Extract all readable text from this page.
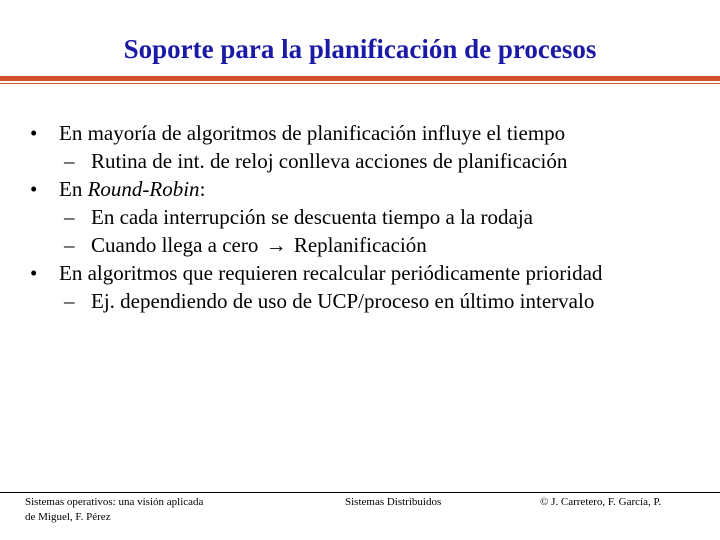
Soporte para la planificación de procesos
• En mayoría de algoritmos de planificación influye el tiempo
– Rutina de int. de reloj conlleva acciones de planificación
• En Round-Robin:
– En cada interrupción se descuenta tiempo a la rodaja
– Cuando llega a cero → Replanificación
• En algoritmos que requieren recalcular periódicamente prioridad
– Ej. dependiendo de uso de UCP/proceso en último intervalo
Sistemas operativos: una visión aplicada
de Miguel, F. Pérez
Sistemas Distribuidos	© J. Carretero, F. García, P.
